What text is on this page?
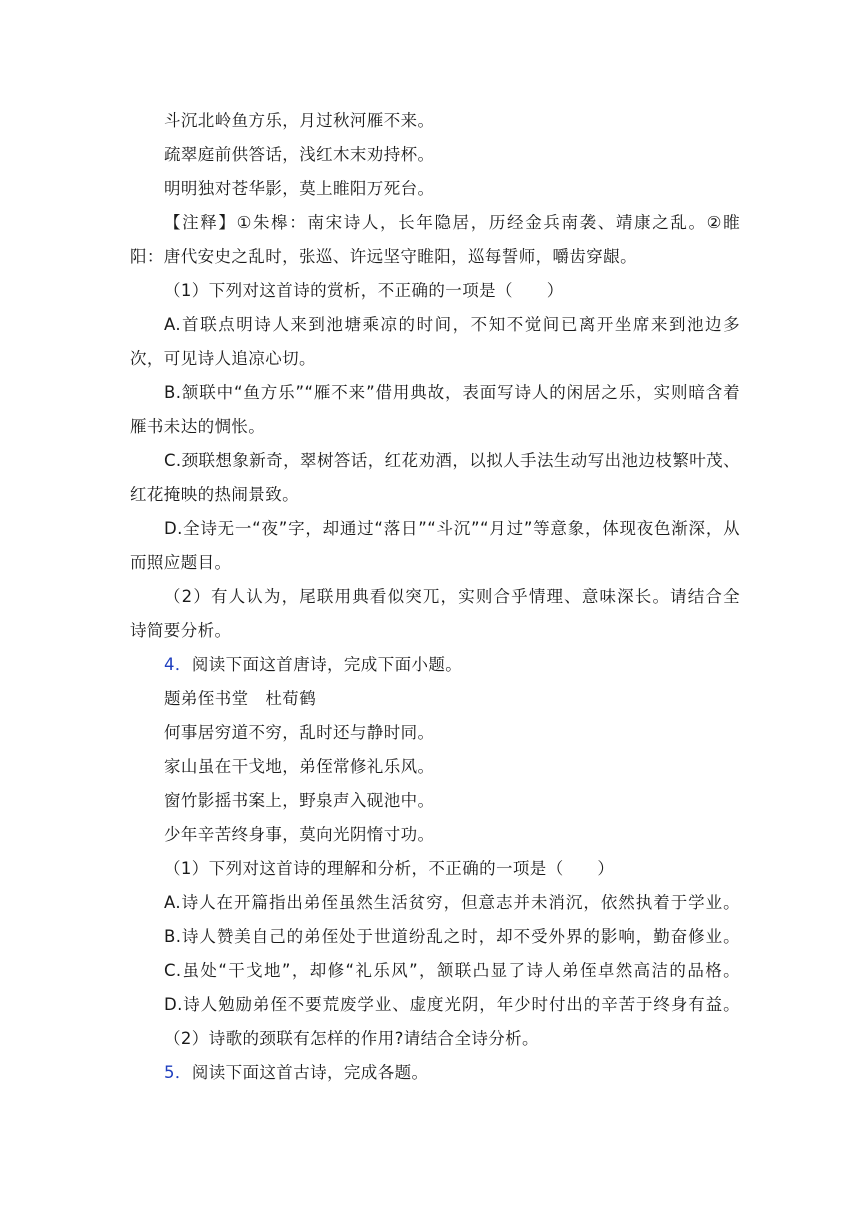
斗沉北岭鱼方乐，月过秋河雁不来。
疏翠庭前供答话，浅红木末劝持杯。
明明独对苍华影，莫上睢阳万死台。
【注释】①朱槔：南宋诗人，长年隐居，历经金兵南袭、靖康之乱。②睢
阳：唐代安史之乱时，张巡、许远坚守睢阳，巡每誓师，嚼齿穿龈。
（1）下列对这首诗的赏析，不正确的一项是（　　）
A.首联点明诗人来到池塘乘凉的时间，不知不觉间已离开坐席来到池边多
次，可见诗人追凉心切。
B.颔联中“鱼方乐”“雁不来”借用典故，表面写诗人的闲居之乐，实则暗含着
雁书未达的惆怅。
C.颈联想象新奇，翠树答话，红花劝酒，以拟人手法生动写出池边枝繁叶茂、
红花掩映的热闹景致。
D.全诗无一“夜”字，却通过“落日”“斗沉”“月过”等意象，体现夜色渐深，从
而照应题目。
（2）有人认为，尾联用典看似突兀，实则合乎情理、意味深长。请结合全
诗简要分析。
4．阅读下面这首唐诗，完成下面小题。
题弟侄书堂　杜荀鹤
何事居穷道不穷，乱时还与静时同。
家山虽在干戈地，弟侄常修礼乐风。
窗竹影摇书案上，野泉声入砚池中。
少年辛苦终身事，莫向光阴惰寸功。
（1）下列对这首诗的理解和分析，不正确的一项是（　　）
A.诗人在开篇指出弟侄虽然生活贫穷，但意志并未消沉，依然执着于学业。
B.诗人赞美自己的弟侄处于世道纷乱之时，却不受外界的影响，勤奋修业。
C.虽处“干戈地”，却修“礼乐风”，颔联凸显了诗人弟侄卓然高洁的品格。
D.诗人勉励弟侄不要荒废学业、虚度光阴，年少时付出的辛苦于终身有益。
（2）诗歌的颈联有怎样的作用?请结合全诗分析。
5．阅读下面这首古诗，完成各题。
